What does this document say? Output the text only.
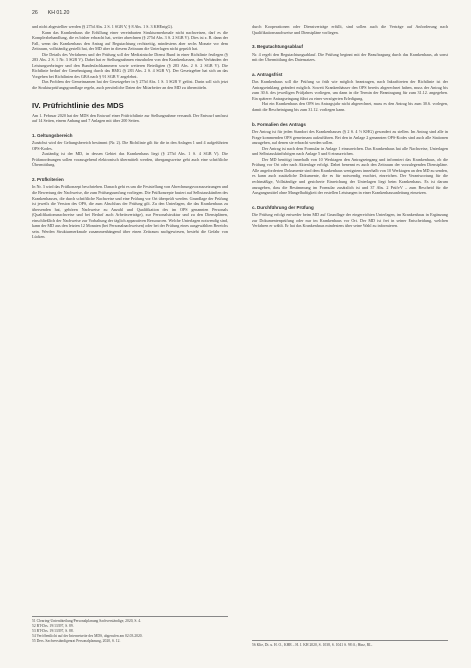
26 KH 01.20

und nicht abgestellter werden (§ 275d Abs. 2 S. 1 SGB V, § 8 Abs. 1 S. 3 KHEntgG).

Kann das Krankenhaus die Erfüllung einer vereinbarten Strukturmerkmale nicht nachweisen, darf es die Komplexbehandlung, die es bisher erbracht hat, weiter abrechnen (§ 275d Abs. 3 S. 2 SGB V). Dies ist z. B. dann der Fall, wenn das Krankenhaus den Antrag auf Begutachtung rechtzeitig, mindestens aber sechs Monate vor dem Zeitraum, vollständig gestellt hat, der MD aber in diesem Zeitraum die Unterlagen nicht geprüft hat.

Die Details des Verfahrens und der Prüfung soll der Medizinische Dienst Bund in einer Richtlinie festlegen (§ 283 Abs. 2 S. 1 Nr. 3 SGB V). Dabei hat er Stellungnahmen einzuholen von den Krankenkassen, den Verbänden der Leistungserbringer und den Bundesfachkammern sowie weiteren Beteiligten (§ 283 Abs. 2 S. 2 SGB V). Die Richtlinie bedarf der Genehmigung durch das BMG (§ 283 Abs. 2 S. 4 SGB V). Der Gesetzgeber hat sich an das Vorgehen bei Richtlinien des GBA nach § 91 SGB V angelehnt.

Das Problem der Gemeinsamen hat der Gesetzgeber in § 275d Abs. 1 S. 3 SGB V gelöst. Darin soll sich jetzt die Strukturprüfungsgrundlage regeln, auch persönliche Daten der Mitarbeiter an den MD zu übermitteln.

IV. Prüfrichtlinie des MDS

Am 1. Februar 2020 hat der MDS den Entwurf einer Prüfrichtlinie zur Stellungnahme versandt. Der Entwurf umfasst auf 14 Seiten, einem Anhang und 7 Anlagen mit über 200 Seiten.

1. Geltungsbereich

Zunächst wird der Geltungsbereich bestimmt (Nr. 2). Die Richtlinie gilt für die in den Anlagen 1 und 4 aufgeführten OPS-Kodes.

Zuständig ist der MD, in dessen Gebiet das Krankenhaus liegt (§ 275d Abs. 1 S. 4 SGB V). Die Prüfanordnungen sollen vorausgehend elektronisch übermittelt werden, übergangsweise geht auch eine schriftliche Übermittlung.

2. Prüfkriterien

In Nr. 3 wird das Prüfkonzept beschrieben. Danach geht es um die Feststellung von Abrechnungsvoraussetzungen und die Bewertung der Nachweise, die zum Prüfungsumfang vorliegen. Die Prüfkonzepte basiert auf Selbstauskünften des Krankenhauses, die durch schriftliche Nachweise und eine Prüfung vor Ort überprüft werden. Grundlage der Prüfung ist jeweils die Version des OPS, die zum Abschluss der Prüfung gilt. Zu den Unterlagen, die das Krankenhaus zu übersenden hat, gehören Nachweise zu Anzahl und Qualifikation des im OPS genannten Personals (Qualifikationsnachweise und bei Bedarf auch Arbeitsverträge), zur Personalstruktur und zu den Dienstplänen, einschließlich der Nachweise zur Vorhaltung der täglich apparativen Ressourcen. Welche Unterlagen notwendig sind, kann der MD aus den letzten 12 Monaten (bei Personalnachweisen) oder bei der Prüfung eines ausgewählten Bereichs sein. Werden Strukturmerkmale zusammenhängend über einen Zeitraum nachgewiesen, besteht die Gefahr von Lücken.

51 Clearing-Unterabteilung/Personalplanung Sachverständige, 2020, S. 4.
52 BT-Drs. 19/13397, S. 89.
53 BT-Drs. 19/13397, S. 88.
54 Veröffentlicht auf der Internetseite des MDS, abgerufen am 02.03.2020.
55 Ders. Sachverständigenrat Personalplanung, 2020, S. 12.

durch Kooperationen oder Dienstverträge erfüllt, sind sollen auch die Verträge auf Anforderung nach Qualifikationsnachweise und Dienstpläne vorliegen.

3. Begutachtungsablauf

Nr. 4 regelt den Begutachtungsablauf. Die Prüfung beginnt mit der Beauftragung durch das Krankenhaus, ab sonst mit der Übermittlung des Datensatzes.

a. Antragsfrist

Das Krankenhaus soll die Prüfung so früh wie möglich beantragen, nach Inkrafttreten der Richtlinie ist der Antragseinklang geändert möglich. Soweit Krankenhäuser den OPS bereits abgerechnet haben, muss der Antrag bis zum 30.6. des jeweiligen Prüfjahres vorliegen, um dann in die Termin der Beantragung für zum 31.12. angegeben. Ein späterer Antragseingang führt zu einer verzögerten Erledigung.

Hat ein Krankenhaus den OPS im Antragsjahr nicht abgerechnet, muss es den Antrag bis zum 30.6. vorlegen, damit die Bescheinigung bis zum 31.12. vorliegen kann.

b. Formalien des Antrags

Der Antrag ist für jeden Standort des Krankenhauses (§ 2 S. 4 ½ KHG) gesondert zu stellen. Im Antrag sind alle in Frage kommenden OPS gemeinsam aufzuführen. Bei den in Anlage 2 genannten OPS-Kodes sind auch alle Stationen anzugeben, auf denen sie erbracht werden sollen.

Der Antrag ist nach dem Formular in Anlage 1 einzureichen. Das Krankenhaus hat alle Nachweise, Unterlagen und Selbstauskünftsbögen nach Anlage 5 und 6 einzureichen.

Der MD benötigt innerhalb von 10 Werktagen den Antragseingang und informiert das Krankenhaus, ob die Prüfung vor Ort oder nach Aktenlage erfolgt. Dabei benennt es auch den Zeitraum der vorzulegenden Dienstpläne. Alle angeforderten Dokumente sind dem Krankenhaus wenigstens innerhalb von 10 Werktagen an den MD zu senden, es kann auch zusätzliche Dokumente, die es für notwendig erachtet, einreichen. Der Verantwortung für die rechtmäßige, Vollständige und gesicherte Einreichung der Unterlagen liegt beim Krankenhaus. Es ist darum anzugeben, dass die Bestimmung im Formular zusätzlich ist und 37 Abs. 2 PrüfvV – zum Bescheid für die Ausgangsmittel ohne Mangelhaftigkeit der erstellen Leistungen in einer Krankenhausanleitung einsetzen.

c. Durchführung der Prüfung

Die Prüfung erfolgt entweder beim MD auf Grundlage der eingereichten Unterlagen, im Krankenhaus in Ergänzung zur Dokumentenprüfung oder nur im Krankenhaus vor Ort. Der MD ist frei in seiner Entscheidung, welchen Verfahren er wählt. Er hat das Krankenhaus mindestens über seine Wahl zu informieren.

56 Klie, Dt. u. H. O., KHR – H. J. KH 2020, S. 1038, S. 1041 S. 98 ff.; Hinz, RL.
